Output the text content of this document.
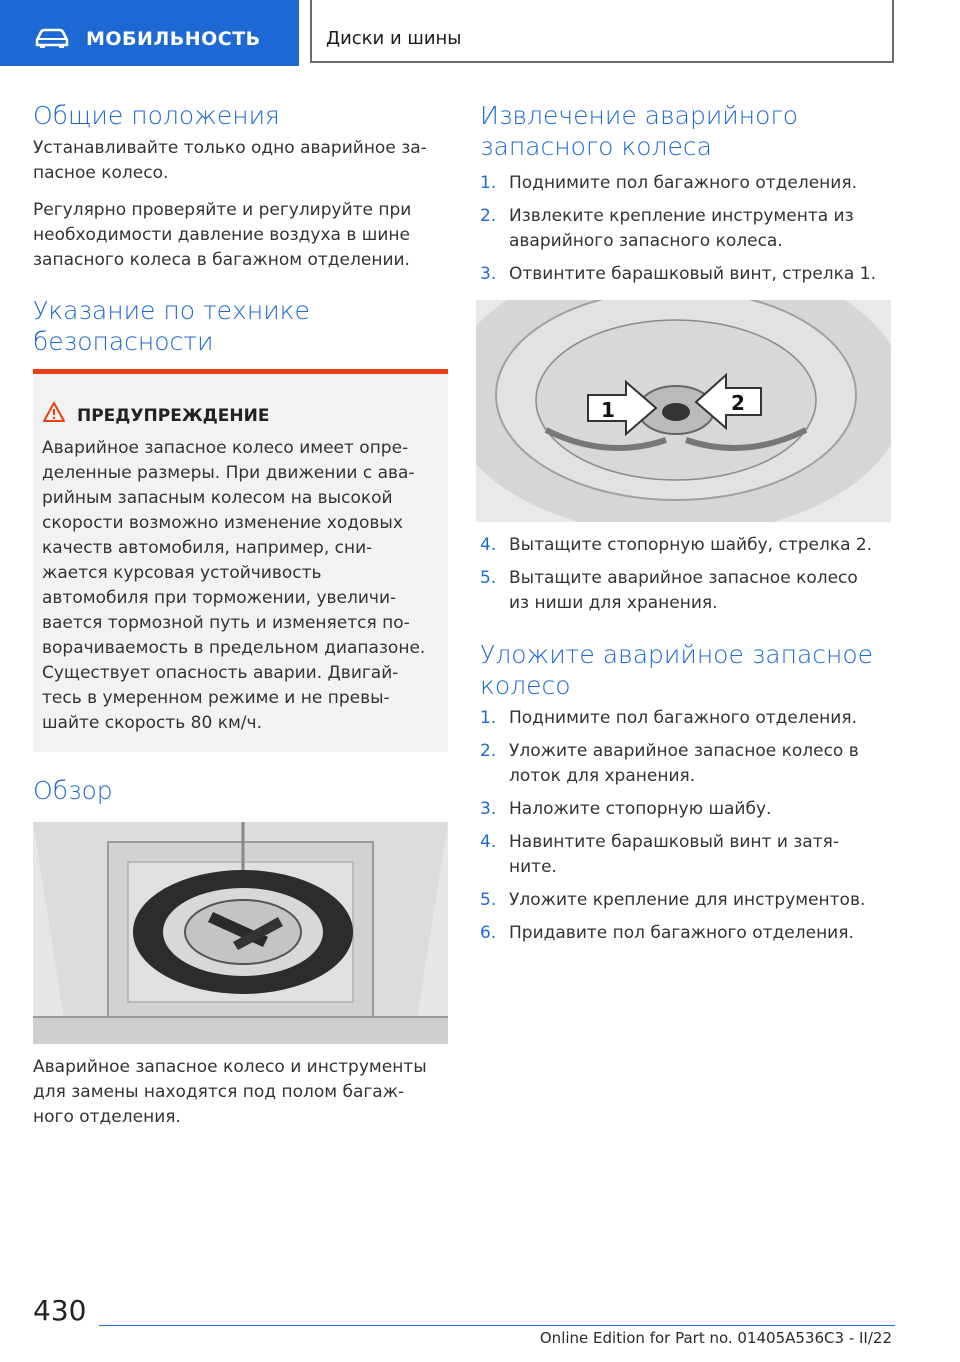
МОБИЛЬНОСТЬ	Диски и шины
Общие положения

Устанавливайте только одно аварийное за-
пасное колесо.

Регулярно проверяйте и регулируйте при
необходимости давление воздуха в шине
запасного колеса в багажном отделении.

Указание по технике
безопасности
ПРЕДУПРЕЖДЕНИЕ
Аварийное запасное колесо имеет опре-
деленные размеры. При движении с ава-
рийным запасным колесом на высокой
скорости возможно изменение ходовых
качеств автомобиля, например, сни-
жается курсовая устойчивость
автомобиля при торможении, увеличи-
вается тормозной путь и изменяется по-
ворачиваемость в предельном диапазоне.
Существует опасность аварии. Двигай-
тесь в умеренном режиме и не превы-
шайте скорость 80 км/ч.
Обзор

Аварийное запасное колесо и инструменты
для замены находятся под полом багаж-
ного отделения.

Извлечение аварийного
запасного колеса
1. Поднимите пол багажного отделения.
2. Извлеките крепление инструмента из
аварийного запасного колеса.
3. Отвинтите барашковый винт, стрелка 1.
1	2
4. Вытащите стопорную шайбу, стрелка 2.
5. Вытащите аварийное запасное колесо
из ниши для хранения.
Уложите аварийное запасное
колесо
1. Поднимите пол багажного отделения.
2. Уложите аварийное запасное колесо в
лоток для хранения.
3. Наложите стопорную шайбу.
4. Навинтите барашковый винт и затя-
ните.
5. Уложите крепление для инструментов.
6. Придавите пол багажного отделения.
430
Online Edition for Part no. 01405A536C3 - II/22
